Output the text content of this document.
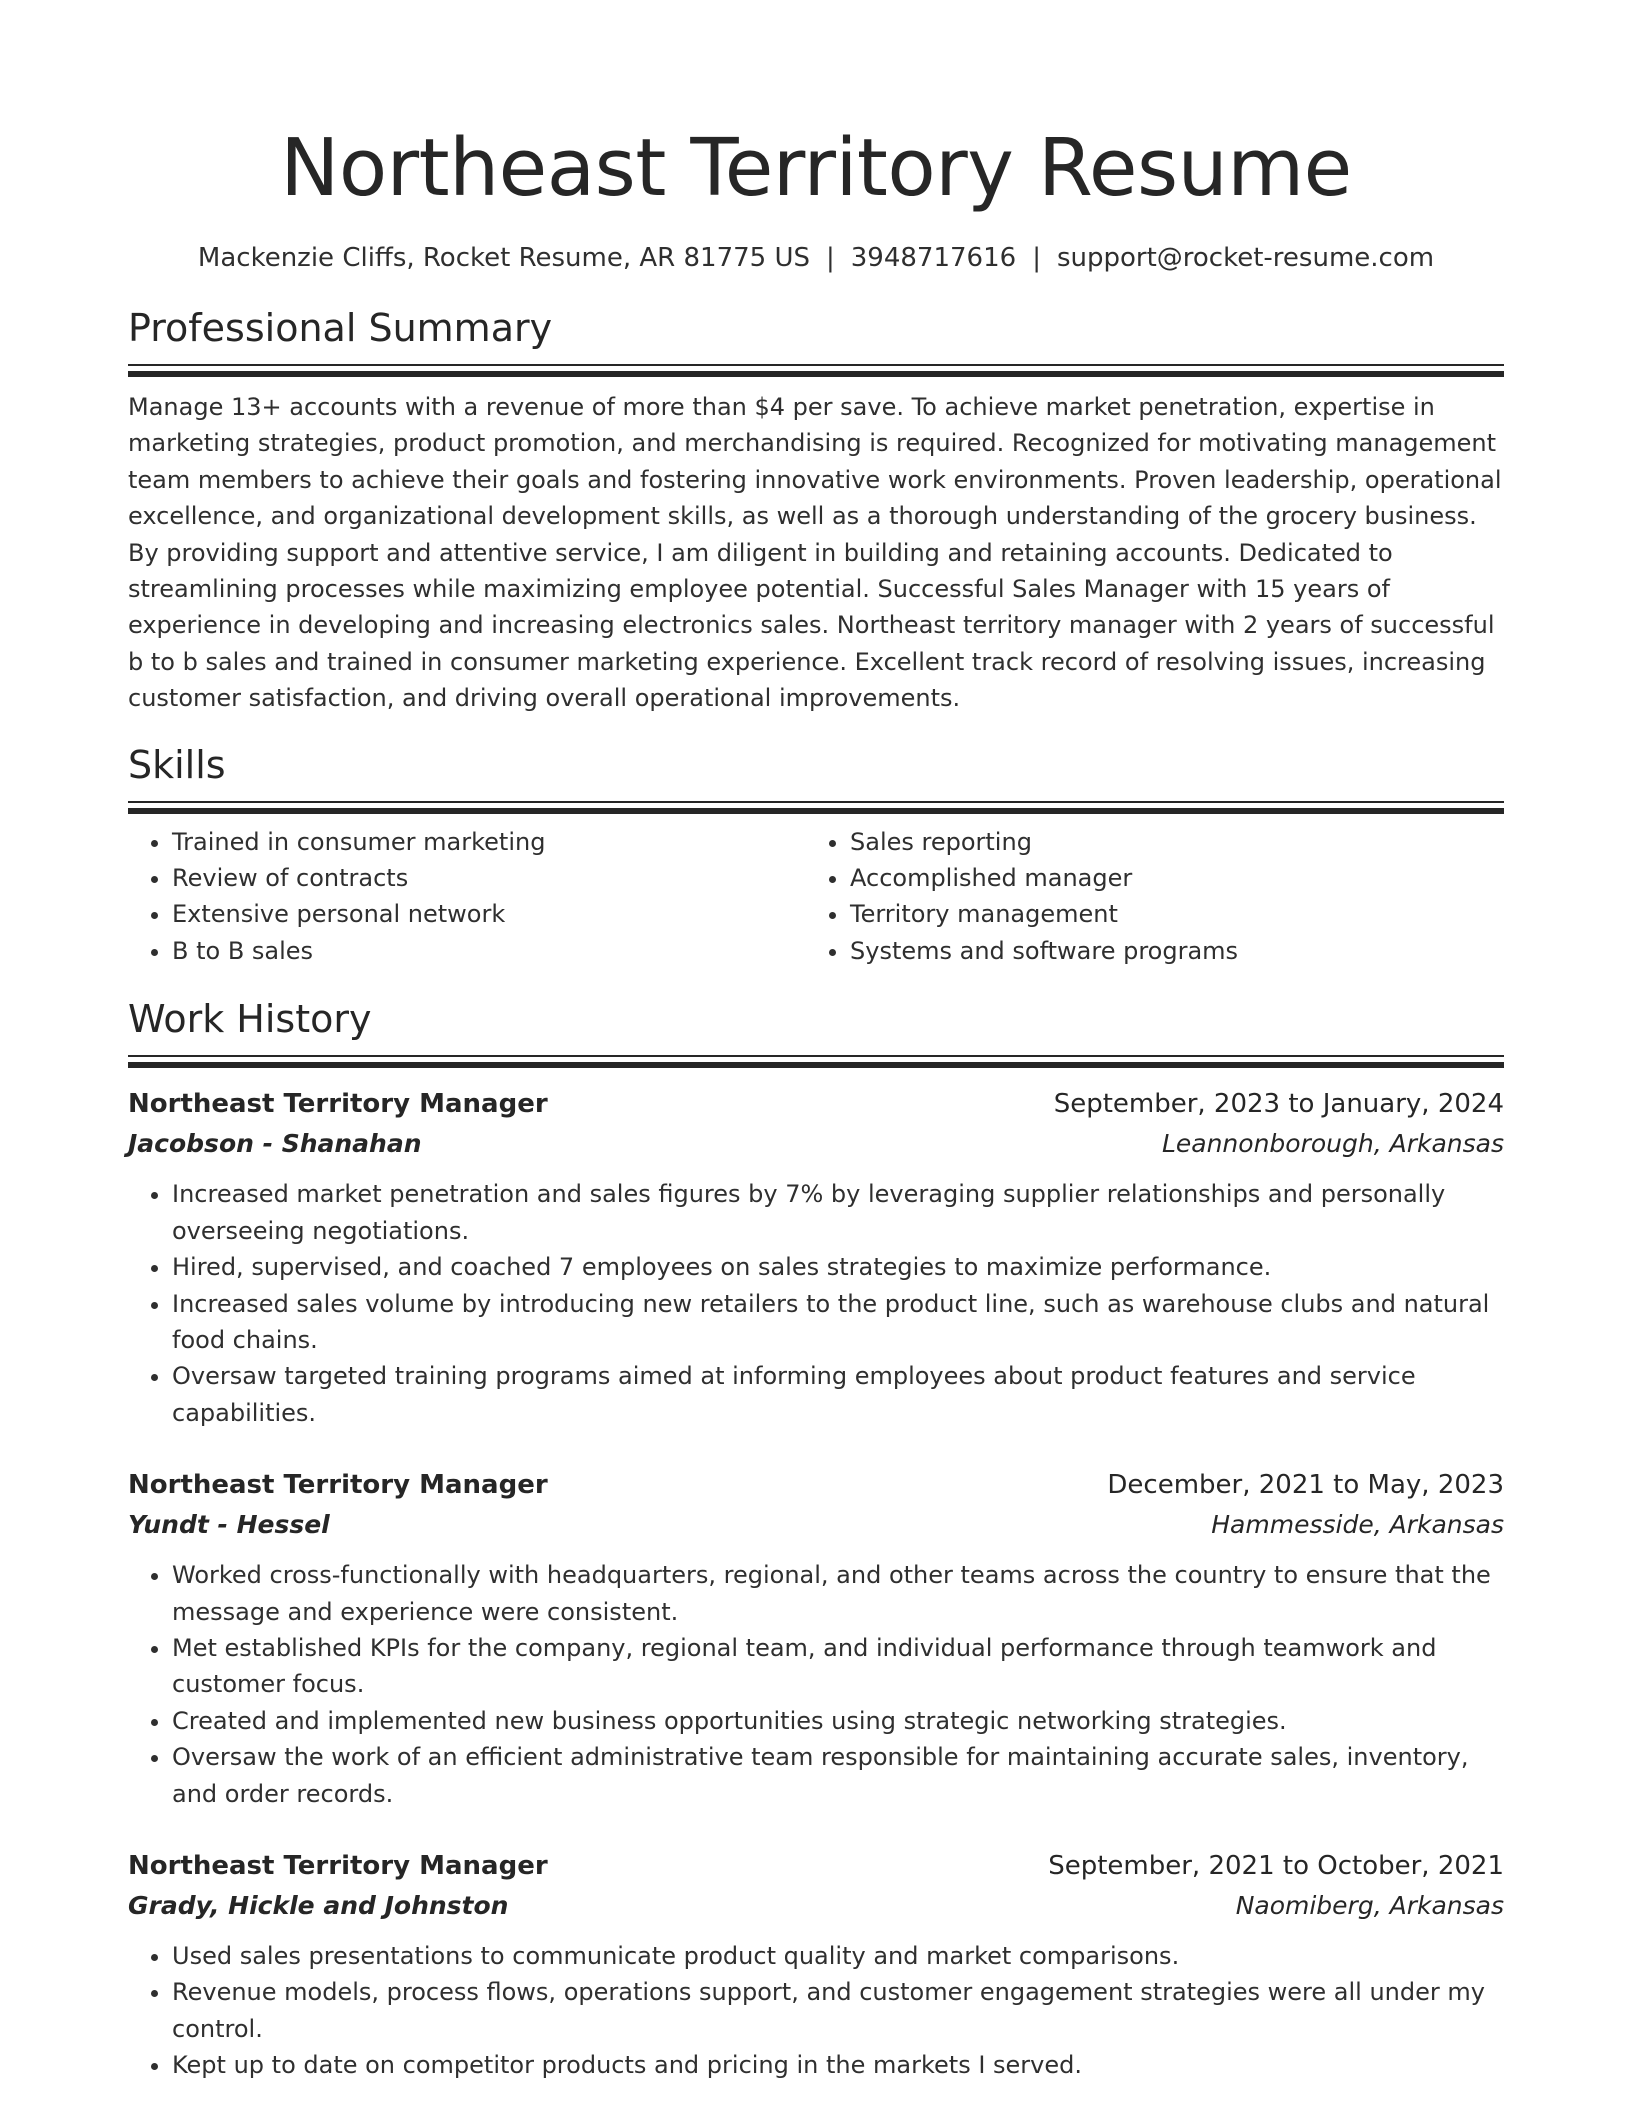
Northeast Territory Resume
Mackenzie Cliffs, Rocket Resume, AR 81775 US | 3948717616 | support@rocket-resume.com
Professional Summary

Manage 13+ accounts with a revenue of more than $4 per save. To achieve market penetration, expertise in marketing strategies, product promotion, and merchandising is required. Recognized for motivating management team members to achieve their goals and fostering innovative work environments. Proven leadership, operational excellence, and organizational development skills, as well as a thorough understanding of the grocery business. By providing support and attentive service, I am diligent in building and retaining accounts. Dedicated to streamlining processes while maximizing employee potential. Successful Sales Manager with 15 years of experience in developing and increasing electronics sales. Northeast territory manager with 2 years of successful b to b sales and trained in consumer marketing experience. Excellent track record of resolving issues, increasing customer satisfaction, and driving overall operational improvements.

Skills
• Trained in consumer marketing
• Review of contracts
• Extensive personal network
• B to B sales
• Sales reporting
• Accomplished manager
• Territory management
• Systems and software programs
Work History
Northeast Territory Manager	September, 2023 to January, 2024
Jacobson - Shanahan	Leannonborough, Arkansas
• Increased market penetration and sales figures by 7% by leveraging supplier relationships and personally overseeing negotiations.
• Hired, supervised, and coached 7 employees on sales strategies to maximize performance.
• Increased sales volume by introducing new retailers to the product line, such as warehouse clubs and natural food chains.
• Oversaw targeted training programs aimed at informing employees about product features and service capabilities.
Northeast Territory Manager	December, 2021 to May, 2023
Yundt - Hessel	Hammesside, Arkansas
• Worked cross-functionally with headquarters, regional, and other teams across the country to ensure that the message and experience were consistent.
• Met established KPIs for the company, regional team, and individual performance through teamwork and customer focus.
• Created and implemented new business opportunities using strategic networking strategies.
• Oversaw the work of an efficient administrative team responsible for maintaining accurate sales, inventory, and order records.
Northeast Territory Manager	September, 2021 to October, 2021
Grady, Hickle and Johnston	Naomiberg, Arkansas
• Used sales presentations to communicate product quality and market comparisons.
• Revenue models, process flows, operations support, and customer engagement strategies were all under my control.
• Kept up to date on competitor products and pricing in the markets I served.
